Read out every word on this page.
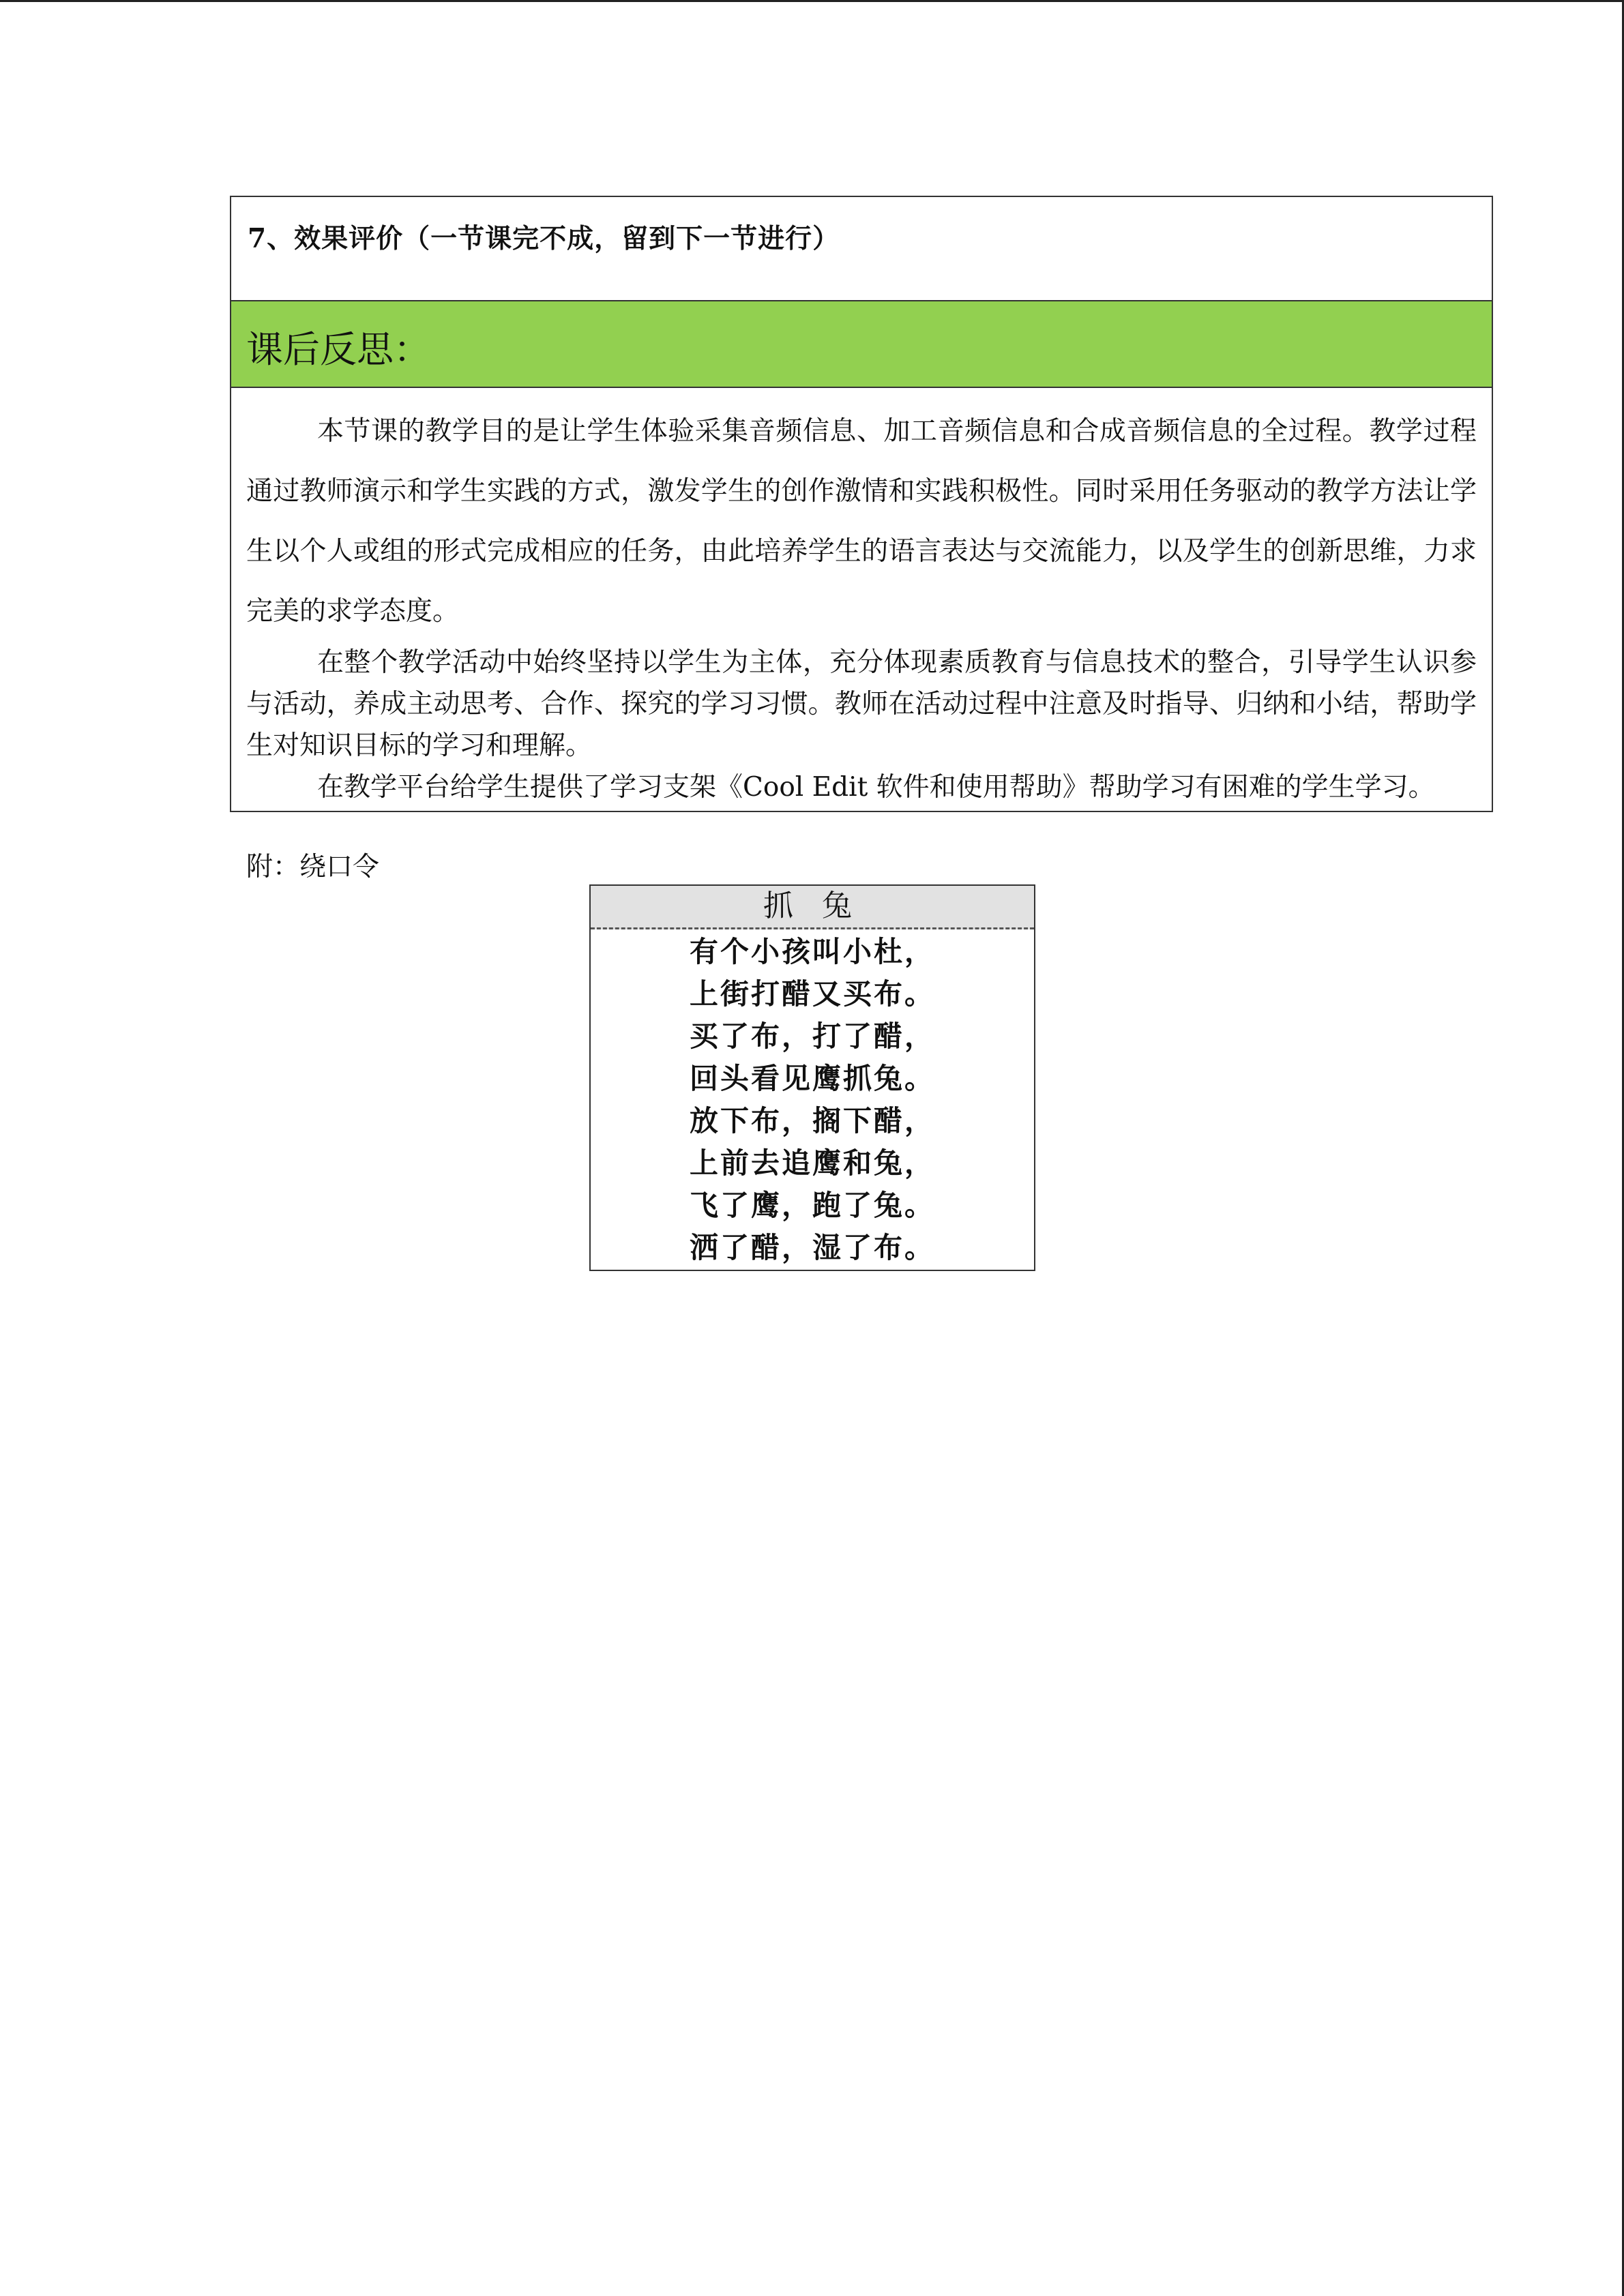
7、效果评价（一节课完不成，留到下一节进行）
课后反思：

本节课的教学目的是让学生体验采集音频信息、加工音频信息和合成音频信息的全过程。教学过程通过教师演示和学生实践的方式，激发学生的创作激情和实践积极性。同时采用任务驱动的教学方法让学生以个人或组的形式完成相应的任务，由此培养学生的语言表达与交流能力，以及学生的创新思维，力求完美的求学态度。

在整个教学活动中始终坚持以学生为主体，充分体现素质教育与信息技术的整合，引导学生认识参与活动，养成主动思考、合作、探究的学习习惯。教师在活动过程中注意及时指导、归纳和小结，帮助学生对知识目标的学习和理解。

在教学平台给学生提供了学习支架《Cool Edit 软件和使用帮助》帮助学习有困难的学生学习。

附：绕口令
抓 兔
有个小孩叫小杜，
上街打醋又买布。
买了布，打了醋，
回头看见鹰抓兔。
放下布，搁下醋，
上前去追鹰和兔，
飞了鹰，跑了兔。
洒了醋，湿了布。
